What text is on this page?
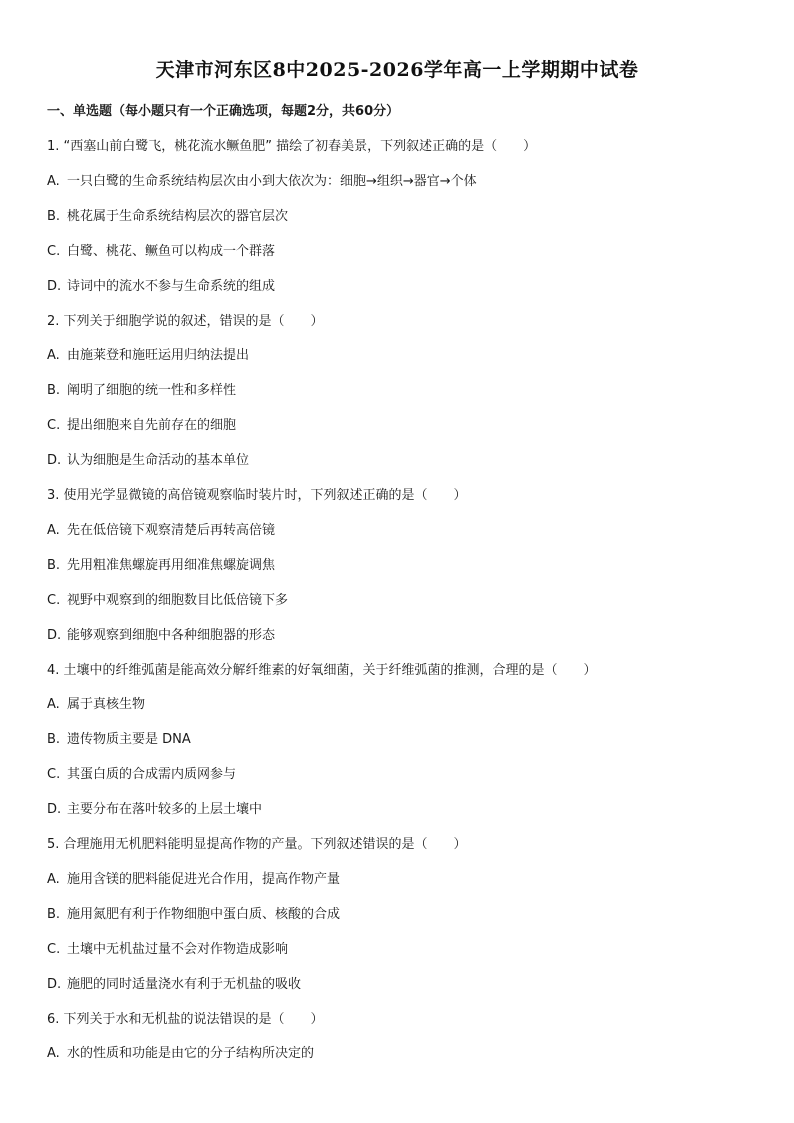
天津市河东区8中2025-2026学年高一上学期期中试卷
一、单选题（每小题只有一个正确选项，每题2分，共60分）
1. “西塞山前白鹭飞，桃花流水鳜鱼肥” 描绘了初春美景，下列叙述正确的是（　　）
A. 一只白鹭的生命系统结构层次由小到大依次为：细胞→组织→器官→个体
B. 桃花属于生命系统结构层次的器官层次
C. 白鹭、桃花、鳜鱼可以构成一个群落
D. 诗词中的流水不参与生命系统的组成
2. 下列关于细胞学说的叙述，错误的是（　　）
A. 由施莱登和施旺运用归纳法提出
B. 阐明了细胞的统一性和多样性
C. 提出细胞来自先前存在的细胞
D. 认为细胞是生命活动的基本单位
3. 使用光学显微镜的高倍镜观察临时装片时，下列叙述正确的是（　　）
A. 先在低倍镜下观察清楚后再转高倍镜
B. 先用粗准焦螺旋再用细准焦螺旋调焦
C. 视野中观察到的细胞数目比低倍镜下多
D. 能够观察到细胞中各种细胞器的形态
4. 土壤中的纤维弧菌是能高效分解纤维素的好氧细菌，关于纤维弧菌的推测，合理的是（　　）
A. 属于真核生物
B. 遗传物质主要是 DNA
C. 其蛋白质的合成需内质网参与
D. 主要分布在落叶较多的上层土壤中
5. 合理施用无机肥料能明显提高作物的产量。下列叙述错误的是（　　）
A. 施用含镁的肥料能促进光合作用，提高作物产量
B. 施用氮肥有利于作物细胞中蛋白质、核酸的合成
C. 土壤中无机盐过量不会对作物造成影响
D. 施肥的同时适量浇水有利于无机盐的吸收
6. 下列关于水和无机盐的说法错误的是（　　）
A. 水的性质和功能是由它的分子结构所决定的
